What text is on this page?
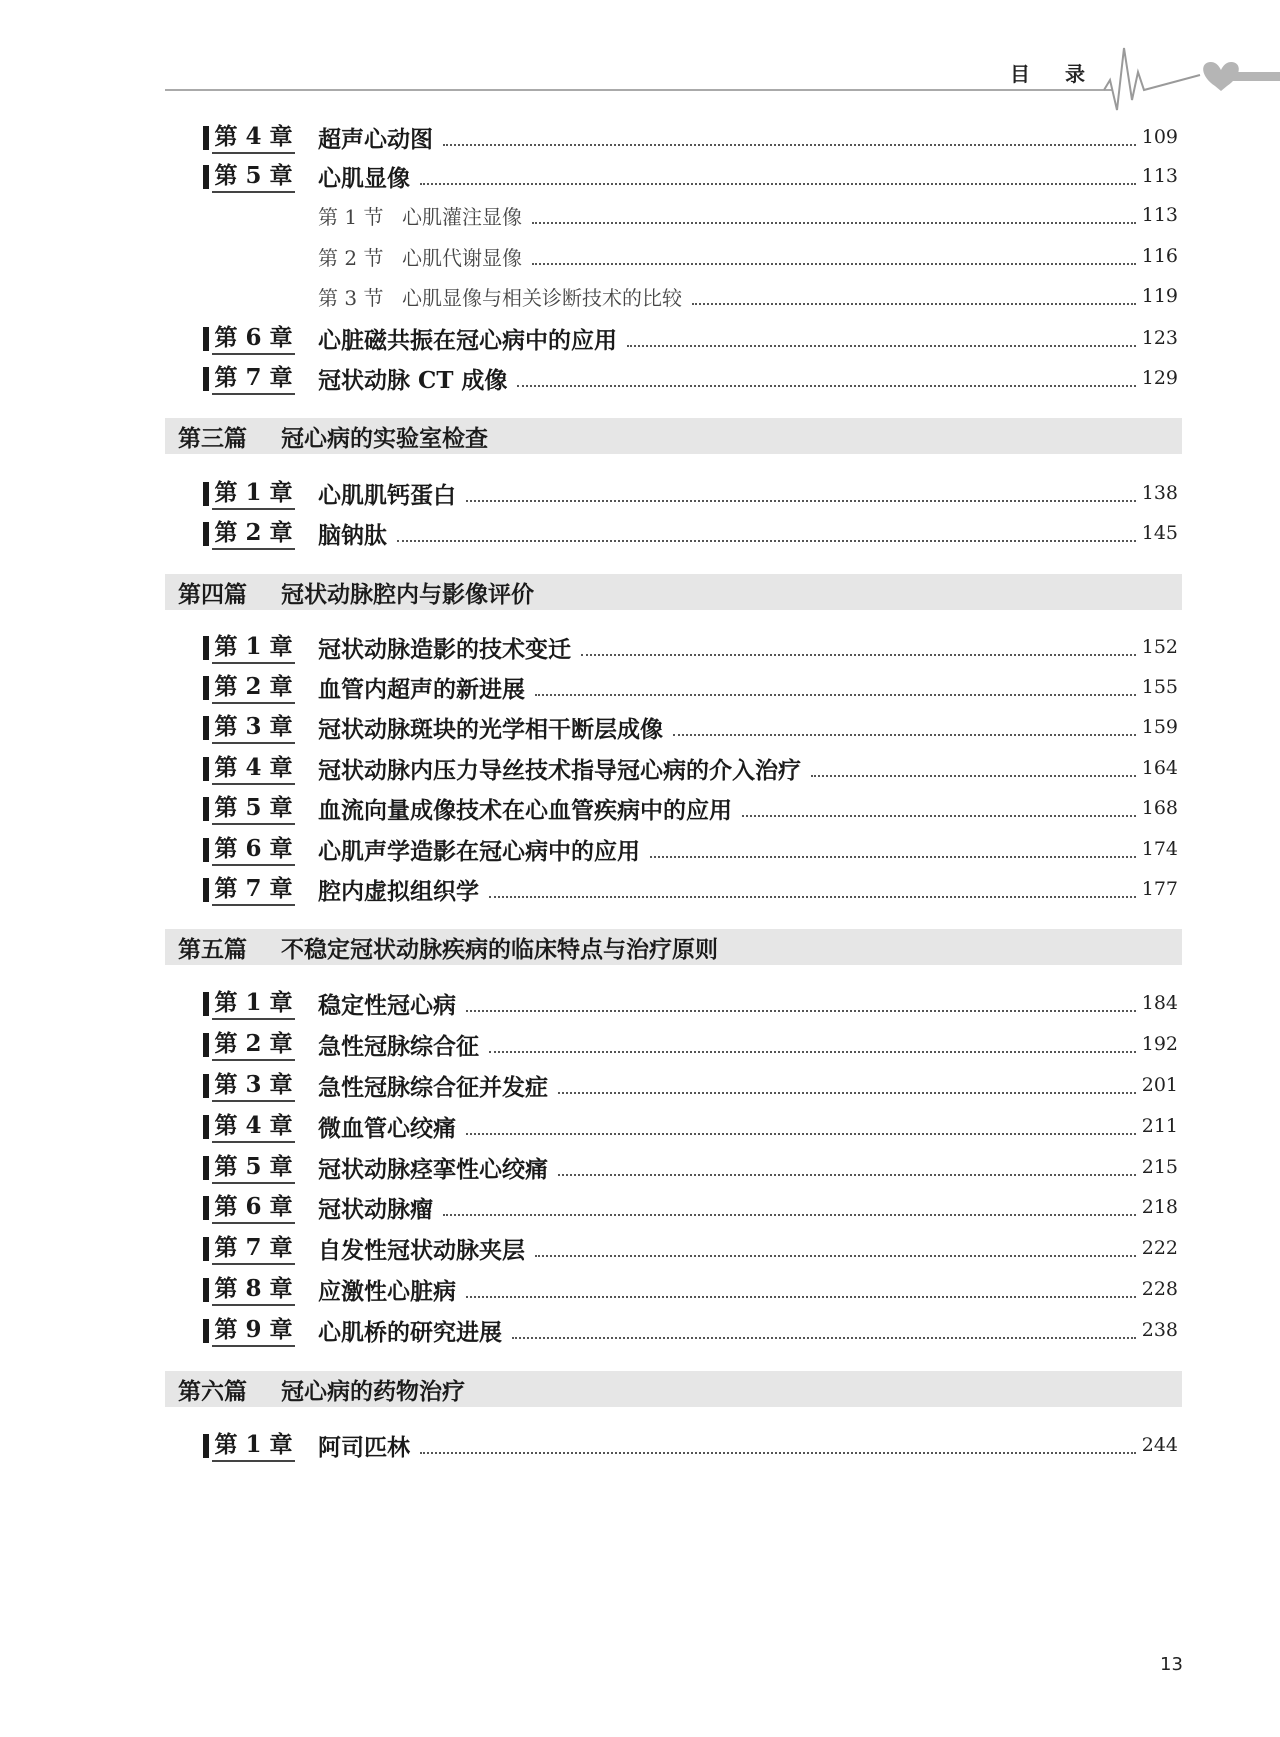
目 录
第 4 章 超声心动图	109
第 5 章 心肌显像	113
第 1 节 心肌灌注显像	113
第 2 节 心肌代谢显像	116
第 3 节 心肌显像与相关诊断技术的比较	119
第 6 章 心脏磁共振在冠心病中的应用	123
第 7 章 冠状动脉 CT 成像	129
第三篇	冠心病的实验室检查
第 1 章 心肌肌钙蛋白	138
第 2 章 脑钠肽	145
第四篇	冠状动脉腔内与影像评价
第 1 章 冠状动脉造影的技术变迁	152
第 2 章 血管内超声的新进展	155
第 3 章 冠状动脉斑块的光学相干断层成像	159
第 4 章 冠状动脉内压力导丝技术指导冠心病的介入治疗	164
第 5 章 血流向量成像技术在心血管疾病中的应用	168
第 6 章 心肌声学造影在冠心病中的应用	174
第 7 章 腔内虚拟组织学	177
第五篇	不稳定冠状动脉疾病的临床特点与治疗原则
第 1 章 稳定性冠心病	184
第 2 章 急性冠脉综合征	192
第 3 章 急性冠脉综合征并发症	201
第 4 章 微血管心绞痛	211
第 5 章 冠状动脉痉挛性心绞痛	215
第 6 章 冠状动脉瘤	218
第 7 章 自发性冠状动脉夹层	222
第 8 章 应激性心脏病	228
第 9 章 心肌桥的研究进展	238
第六篇	冠心病的药物治疗
第 1 章 阿司匹林	244
13
